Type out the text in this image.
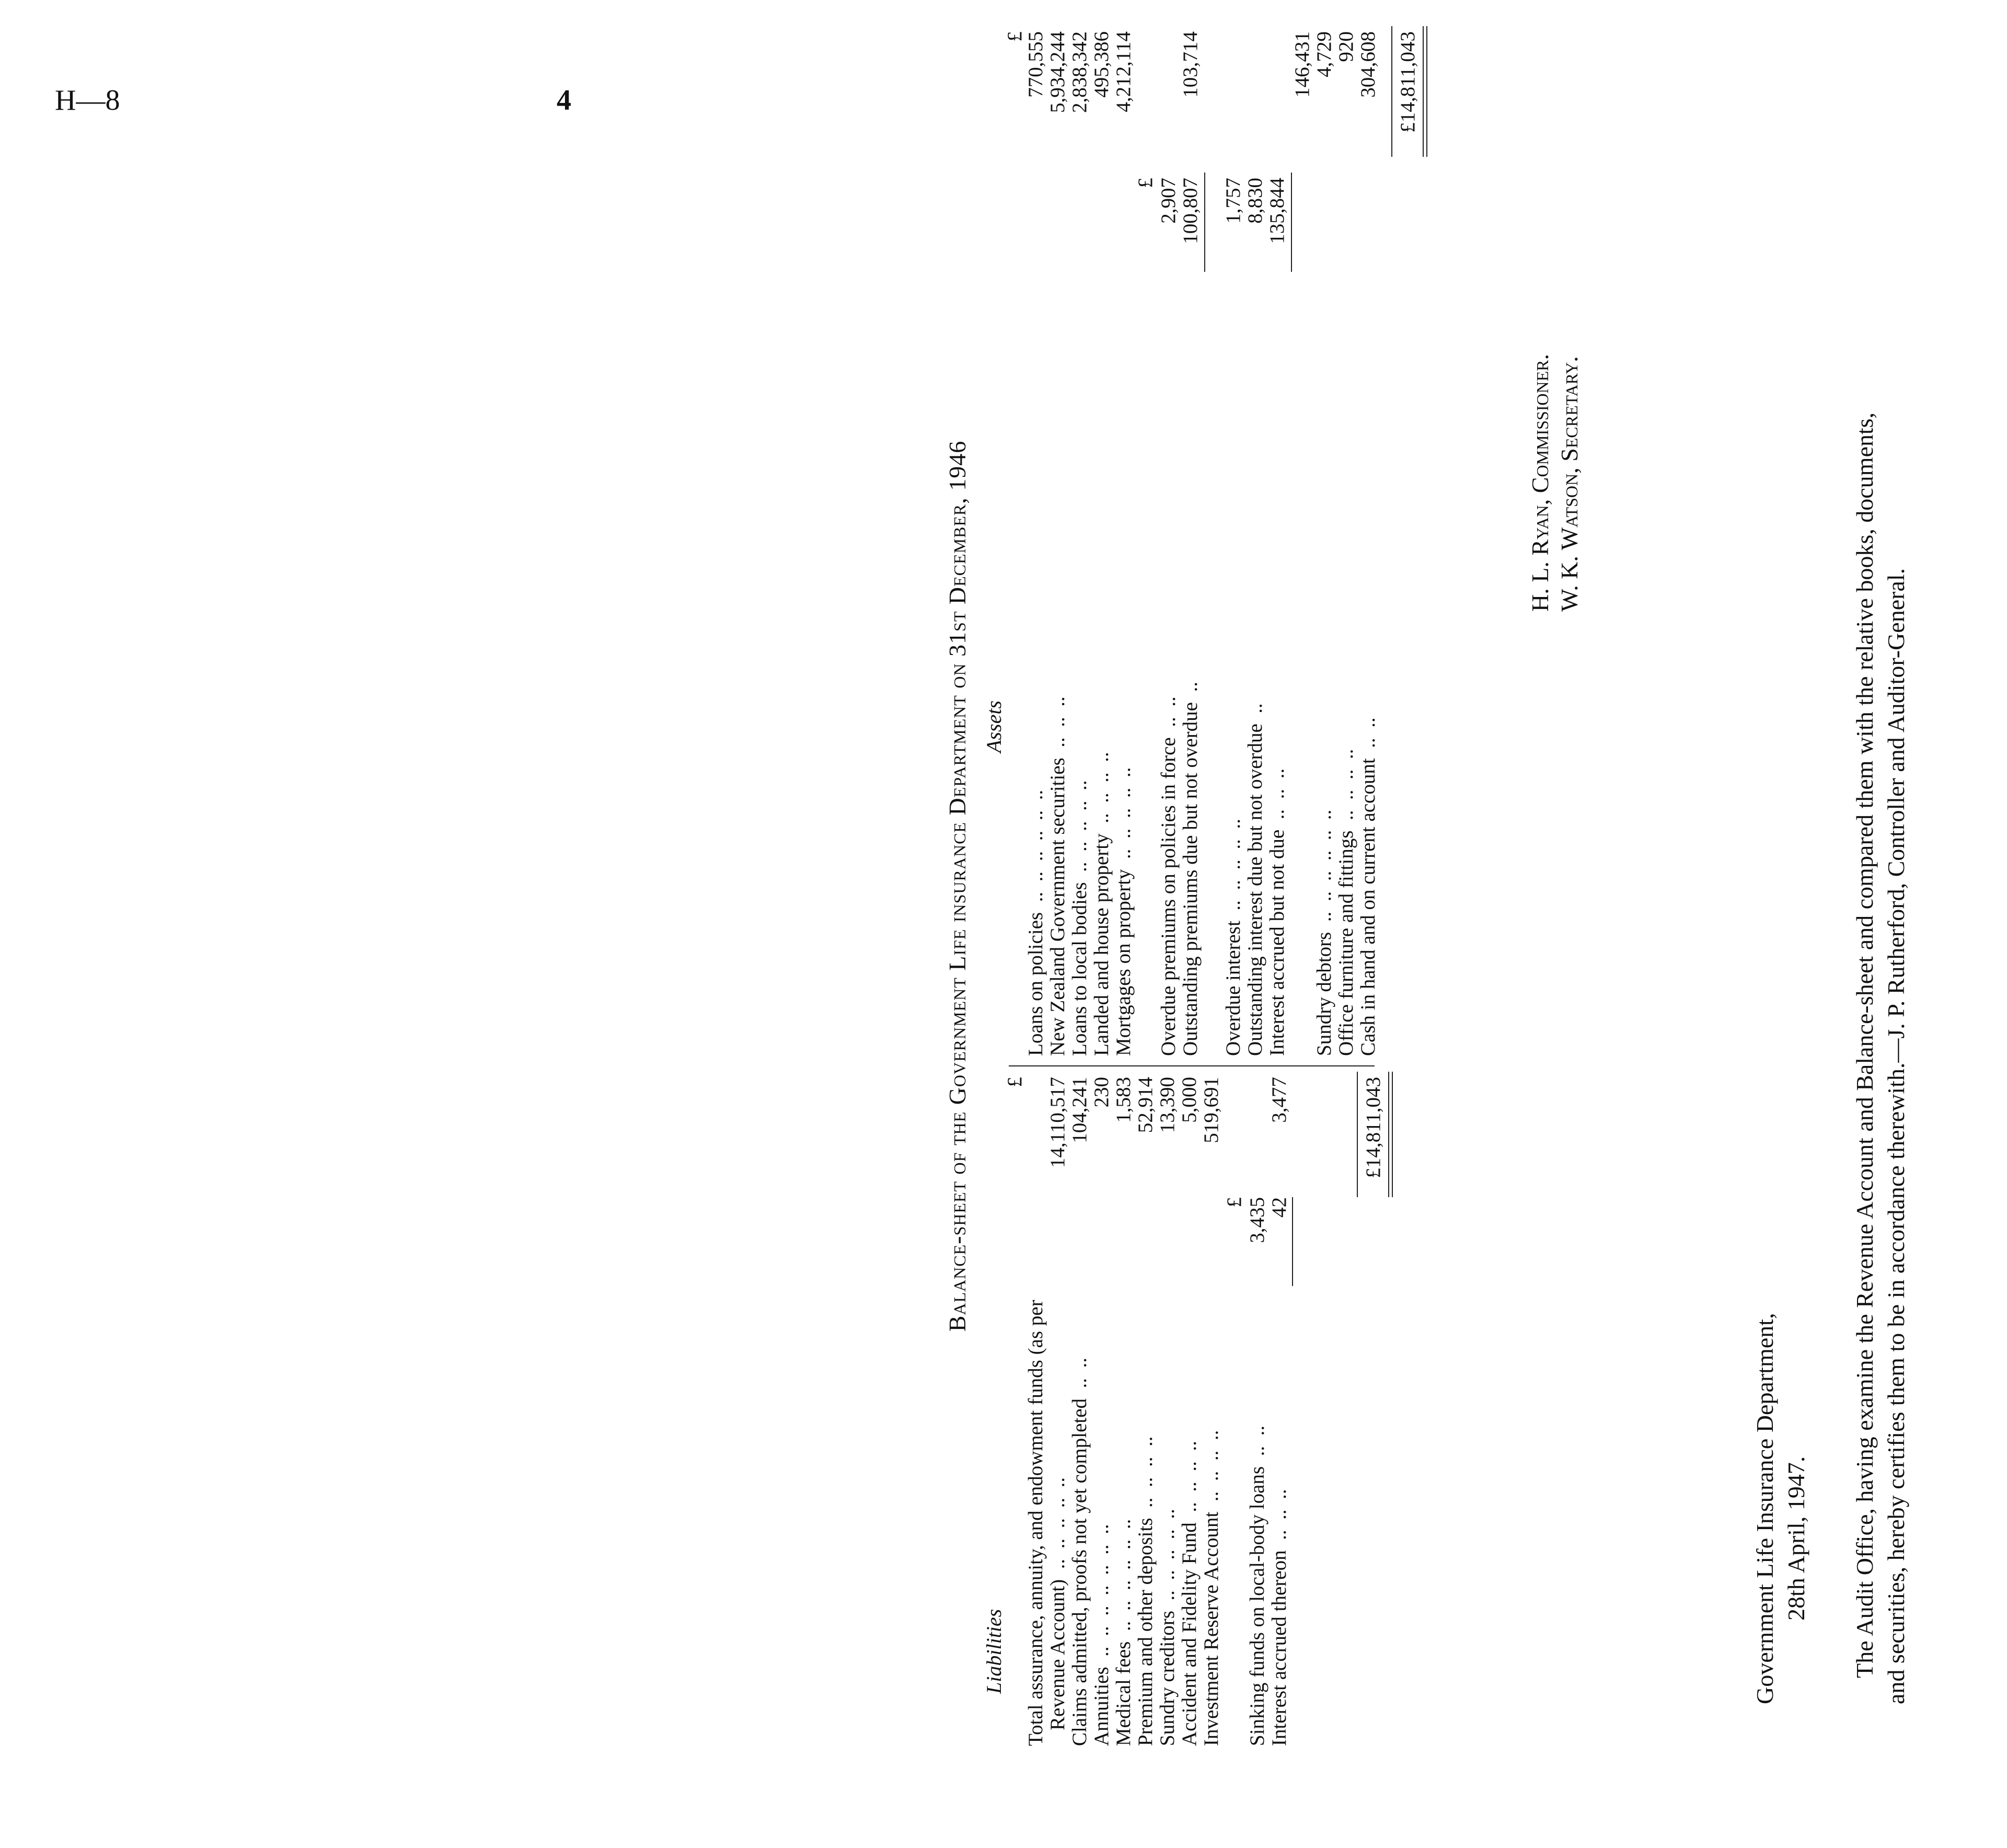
H—8	4
Balance-sheet of the Government Life insurance Department on 31st December, 1946
Liabilities
£
Total assurance, annuity, and endowment funds (as per Revenue Account)  ..  ..  ..  ..  ..
14,110,517
Claims admitted, proofs not yet completed  ..  ..
104,241
Annuities  ..  ..  ..  ..  ..  ..  ..
230
Medical fees  ..  ..  ..  ..  ..  ..
1,583
Premium and other deposits  ..  ..  ..  ..
52,914
Sundry creditors  ..  ..  ..  ..  ..
13,390
Accident and Fidelity Fund  ..  ..  ..  ..
5,000
Investment Reserve Account  ..  ..  ..  ..
519,691
£
Sinking funds on local-body loans  ..  ..
3,435
Interest accrued thereon  ..  ..  ..
42
3,477	£14,811,043
Assets
£
Loans on policies  ..  ..  ..  ..  ..  ..
770,555
New Zealand Government securities  ..  ..  ..
5,934,244
Loans to local bodies  ..  ..  ..  ..  ..
2,838,342
Landed and house property  ..  ..  ..  ..
495,386
Mortgages on property  ..  ..  ..  ..  ..
4,212,114
£
Overdue premiums on policies in force  ..  ..
2,907
Outstanding premiums due but not overdue  ..
100,807
103,714
Overdue interest  ..  ..  ..  ..  ..
1,757
Outstanding interest due but not overdue  ..
8,830
Interest accrued but not due  ..  ..  ..
135,844
146,431
Sundry debtors  ..  ..  ..  ..  ..  ..
4,729
Office furniture and fittings  ..  ..  ..  ..
920
Cash in hand and on current account  ..  ..
304,608 £14,811,043
H. L. Ryan, Commissioner. W. K. Watson, Secretary.
Government Life Insurance Department, 28th April, 1947. The Audit Office, having examine the Revenue Account and Balance-sheet and compared them with the relative books, documents, and securities, hereby certifies them to be in accordance therewith.—J. P. Rutherford, Controller and Auditor-General.
